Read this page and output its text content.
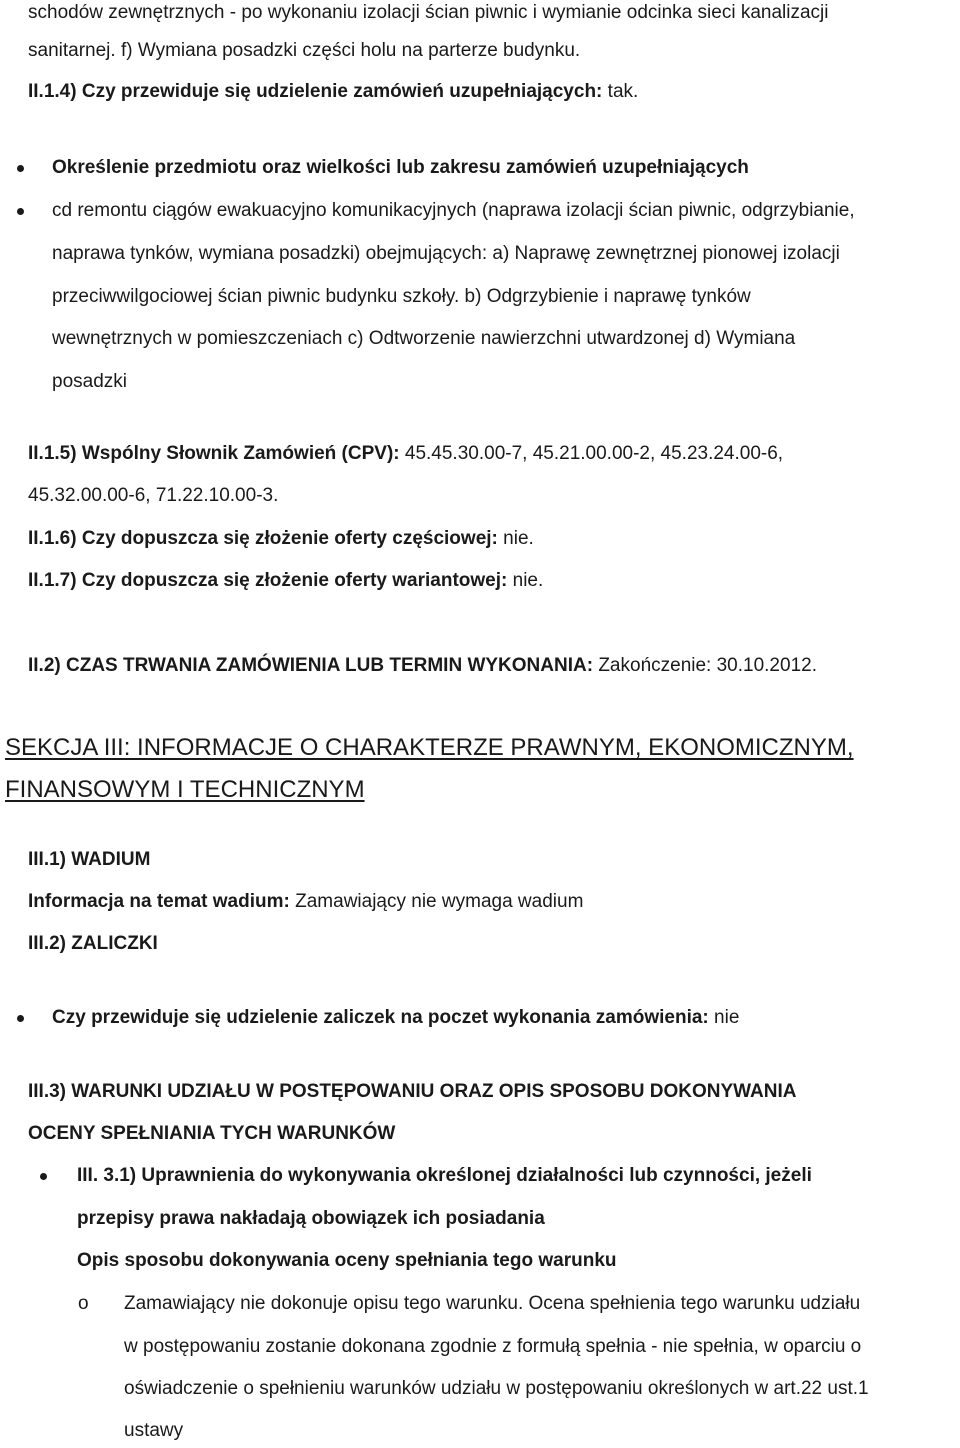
schodów zewnętrznych - po wykonaniu izolacji ścian piwnic i wymianie odcinka sieci kanalizacji
sanitarnej. f) Wymiana posadzki części holu na parterze budynku.
II.1.4) Czy przewiduje się udzielenie zamówień uzupełniających: tak.
Określenie przedmiotu oraz wielkości lub zakresu zamówień uzupełniających
cd remontu ciągów ewakuacyjno komunikacyjnych (naprawa izolacji ścian piwnic, odgrzybianie,
naprawa tynków, wymiana posadzki) obejmujących: a) Naprawę zewnętrznej pionowej izolacji
przeciwwilgociowej ścian piwnic budynku szkoły. b) Odgrzybienie i naprawę tynków
wewnętrznych w pomieszczeniach c) Odtworzenie nawierzchni utwardzonej d) Wymiana
posadzki
II.1.5) Wspólny Słownik Zamówień (CPV): 45.45.30.00-7, 45.21.00.00-2, 45.23.24.00-6,
45.32.00.00-6, 71.22.10.00-3.
II.1.6) Czy dopuszcza się złożenie oferty częściowej: nie.
II.1.7) Czy dopuszcza się złożenie oferty wariantowej: nie.
II.2) CZAS TRWANIA ZAMÓWIENIA LUB TERMIN WYKONANIA: Zakończenie: 30.10.2012.
SEKCJA III: INFORMACJE O CHARAKTERZE PRAWNYM, EKONOMICZNYM,
FINANSOWYM I TECHNICZNYM
III.1) WADIUM
Informacja na temat wadium: Zamawiający nie wymaga wadium
III.2) ZALICZKI
Czy przewiduje się udzielenie zaliczek na poczet wykonania zamówienia: nie
III.3) WARUNKI UDZIAŁU W POSTĘPOWANIU ORAZ OPIS SPOSOBU DOKONYWANIA
OCENY SPEŁNIANIA TYCH WARUNKÓW
III. 3.1) Uprawnienia do wykonywania określonej działalności lub czynności, jeżeli
przepisy prawa nakładają obowiązek ich posiadania
Opis sposobu dokonywania oceny spełniania tego warunku
o Zamawiający nie dokonuje opisu tego warunku. Ocena spełnienia tego warunku udziału
w postępowaniu zostanie dokonana zgodnie z formułą spełnia - nie spełnia, w oparciu o
oświadczenie o spełnieniu warunków udziału w postępowaniu określonych w art.22 ust.1
ustawy
